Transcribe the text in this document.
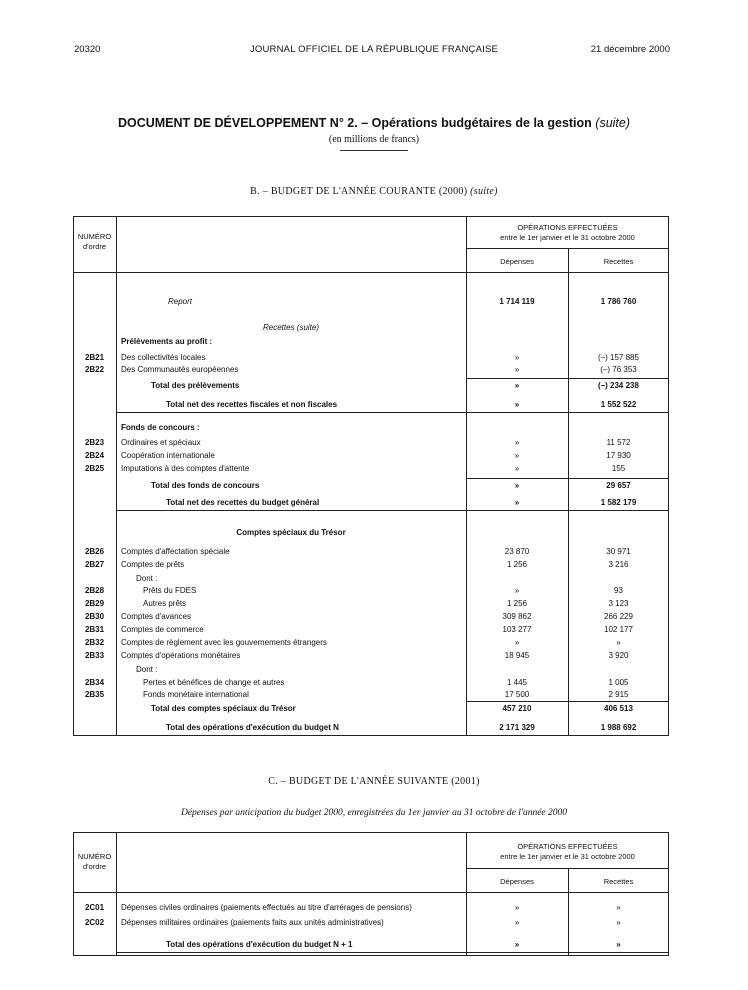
20320	JOURNAL OFFICIEL DE LA RÉPUBLIQUE FRANÇAISE	21 décembre 2000
DOCUMENT DE DÉVELOPPEMENT N° 2. – Opérations budgétaires de la gestion (suite)
(en millions de francs)
B. – BUDGET DE L'ANNÉE COURANTE (2000) (suite)
NUMÉRO
d'ordre
OPÉRATIONS EFFECTUÉES
entre le 1er janvier et le 31 octobre 2000
Dépenses	Recettes
Report	1 714 119	1 786 760
Recettes (suite)
Prélèvements au profit :
2B21	Des collectivités locales	»	(–) 157 885
2B22	Des Communautés européennes	»	(–) 76 353
Total des prélèvements	»	(–) 234 238
Total net des recettes fiscales et non fiscales	»	1 552 522
Fonds de concours :
2B23	Ordinaires et spéciaux	»	11 572
2B24	Coopération internationale	»	17 930
2B25	Imputations à des comptes d'attente	»	155
Total des fonds de concours	»	29 657
Total net des recettes du budget général	»	1 582 179
Comptes spéciaux du Trésor
2B26	Comptes d'affectation spéciale	23 870	30 971
2B27	Comptes de prêts	1 256	3 216
Dont :
2B28	Prêts du FDES	»	93
2B29	Autres prêts	1 256	3 123
2B30	Comptes d'avances	309 862	266 229
2B31	Comptes de commerce	103 277	102 177
2B32	Comptes de règlement avec les gouvernements étrangers	»	»
2B33	Comptes d'opérations monétaires	18 945	3 920
Dont :
2B34	Pertes et bénéfices de change et autres	1 445	1 005
2B35	Fonds monétaire international	17 500	2 915
Total des comptes spéciaux du Trésor	457 210	406 513
Total des opérations d'exécution du budget N	2 171 329	1 988 692
C. – BUDGET DE L'ANNÉE SUIVANTE (2001)
Dépenses par anticipation du budget 2000, enregistrées du 1er janvier au 31 octobre de l'année 2000
NUMÉRO
d'ordre
OPÉRATIONS EFFECTUÉES
entre le 1er janvier et le 31 octobre 2000
Dépenses	Recettes
2C01	Dépenses civiles ordinaires (paiements effectués au titre d'arrérages de pensions)	»	»
2C02	Dépenses militaires ordinaires (paiements faits aux unités administratives)	»	»
Total des opérations d'exécution du budget N + 1	»	»
